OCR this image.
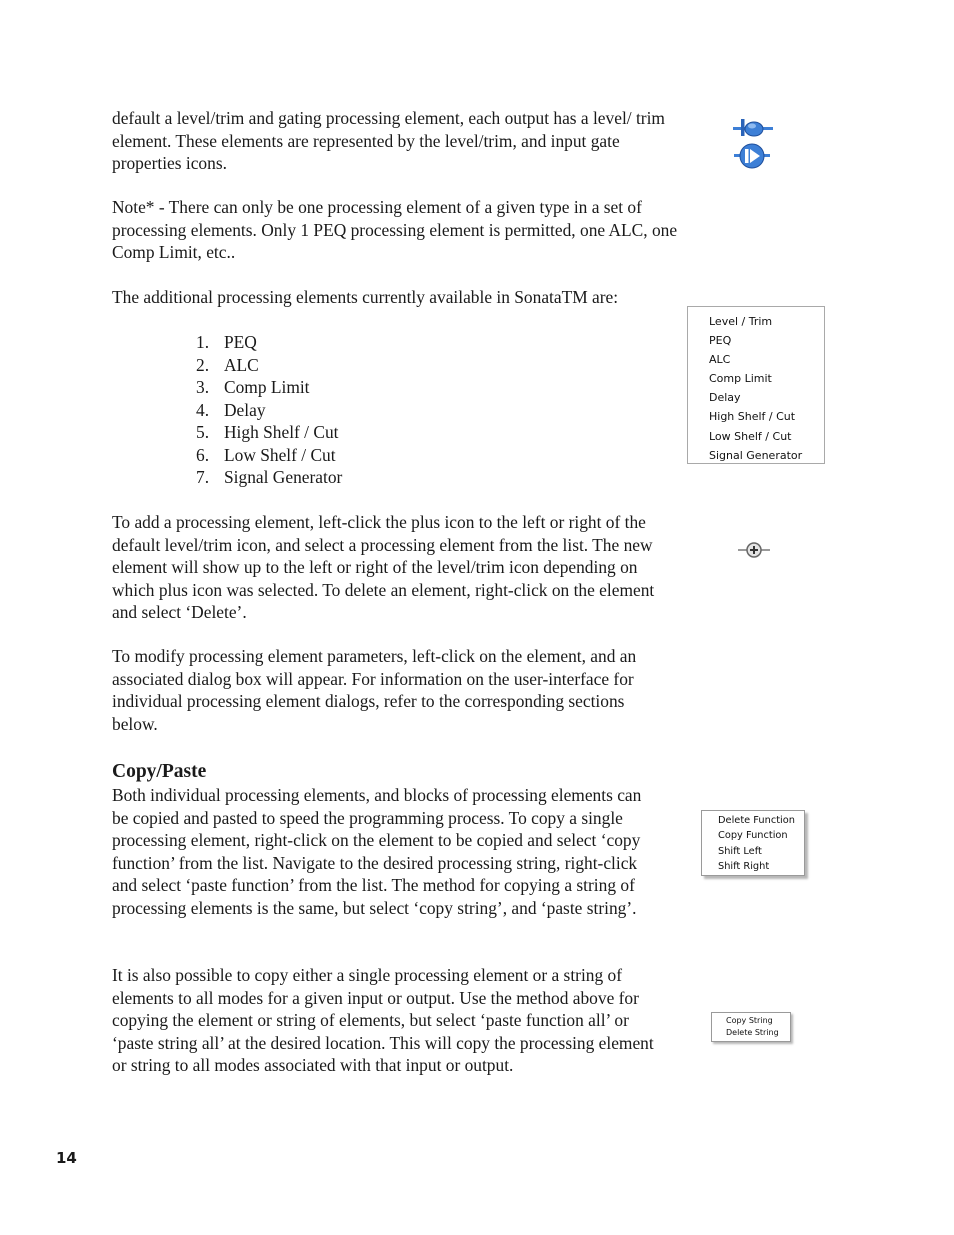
default a level/trim and gating processing element, each output has a level/ trim element. These elements are represented by the level/trim, and input gate properties icons.

Note* - There can only be one processing element of a given type in a set of processing elements. Only 1 PEQ processing element is permitted, one ALC, one Comp Limit, etc..

The additional processing elements currently available in SonataTM are:

1. PEQ
2. ALC
3. Comp Limit
4. Delay
5. High Shelf / Cut
6. Low Shelf / Cut
7. Signal Generator

To add a processing element, left-click the plus icon to the left or right of the default level/trim icon, and select a processing element from the list. The new element will show up to the left or right of the level/trim icon depending on which plus icon was selected. To delete an element, right-click on the element and select ‘Delete’.

To modify processing element parameters, left-click on the element, and an associated dialog box will appear. For information on the user-interface for individual processing element dialogs, refer to the corresponding sections below.

Copy/Paste

Both individual processing elements, and blocks of processing elements can be copied and pasted to speed the programming process. To copy a single processing element, right-click on the element to be copied and select ‘copy function’ from the list. Navigate to the desired processing string, right-click and select ‘paste function’ from the list. The method for copying a string of processing elements is the same, but select ‘copy string’, and ‘paste string’.

It is also possible to copy either a single processing element or a string of elements to all modes for a given input or output. Use the method above for copying the element or string of elements, but select ‘paste function all’ or ‘paste string all’ at the desired location. This will copy the processing element or string to all modes associated with that input or output.

14
Level / Trim
PEQ
ALC
Comp Limit
Delay
High Shelf / Cut
Low Shelf / Cut
Signal Generator
Delete Function
Copy Function
Shift Left
Shift Right
Copy String
Delete String
